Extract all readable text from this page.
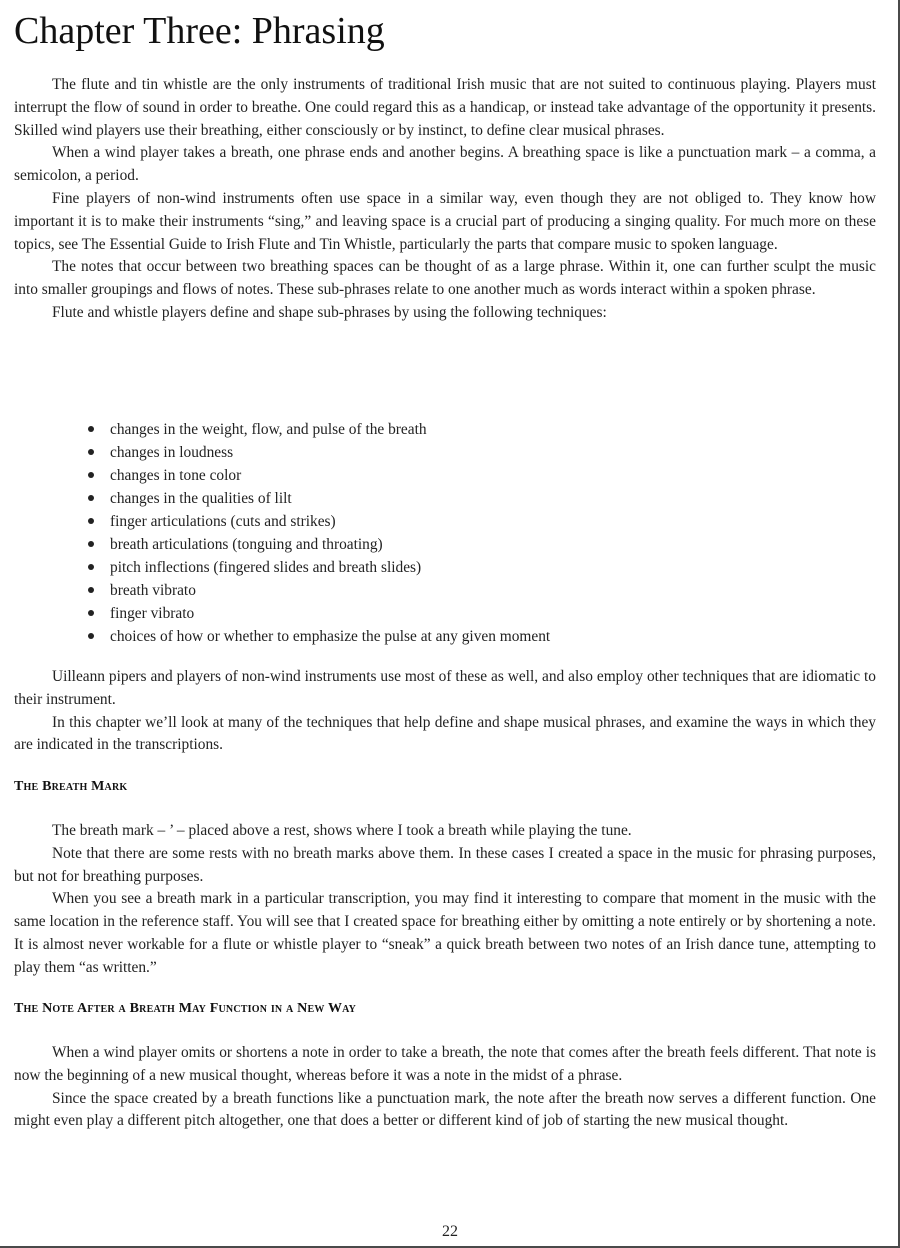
Chapter Three: Phrasing

The flute and tin whistle are the only instruments of traditional Irish music that are not suited to continuous playing. Players must interrupt the flow of sound in order to breathe. One could regard this as a handicap, or instead take advantage of the opportunity it presents. Skilled wind players use their breathing, either consciously or by instinct, to define clear musical phrases.

When a wind player takes a breath, one phrase ends and another begins. A breathing space is like a punctuation mark – a comma, a semicolon, a period.

Fine players of non-wind instruments often use space in a similar way, even though they are not obliged to. They know how important it is to make their instruments “sing,” and leaving space is a crucial part of producing a singing quality. For much more on these topics, see The Essential Guide to Irish Flute and Tin Whistle, particularly the parts that compare music to spoken language.

The notes that occur between two breathing spaces can be thought of as a large phrase. Within it, one can further sculpt the music into smaller groupings and flows of notes. These sub-phrases relate to one another much as words interact within a spoken phrase.

Flute and whistle players define and shape sub-phrases by using the following techniques:

changes in the weight, flow, and pulse of the breath
changes in loudness
changes in tone color
changes in the qualities of lilt
finger articulations (cuts and strikes)
breath articulations (tonguing and throating)
pitch inflections (fingered slides and breath slides)
breath vibrato
finger vibrato
choices of how or whether to emphasize the pulse at any given moment

Uilleann pipers and players of non-wind instruments use most of these as well, and also employ other techniques that are idiomatic to their instrument.

In this chapter we’ll look at many of the techniques that help define and shape musical phrases, and examine the ways in which they are indicated in the transcriptions.

The Breath Mark

The breath mark – ’ – placed above a rest, shows where I took a breath while playing the tune.

Note that there are some rests with no breath marks above them. In these cases I created a space in the music for phrasing purposes, but not for breathing purposes.

When you see a breath mark in a particular transcription, you may find it interesting to compare that moment in the music with the same location in the reference staff. You will see that I created space for breathing either by omitting a note entirely or by shortening a note. It is almost never workable for a flute or whistle player to “sneak” a quick breath between two notes of an Irish dance tune, attempting to play them “as written.”

The Note After a Breath May Function in a New Way

When a wind player omits or shortens a note in order to take a breath, the note that comes after the breath feels different. That note is now the beginning of a new musical thought, whereas before it was a note in the midst of a phrase.

Since the space created by a breath functions like a punctuation mark, the note after the breath now serves a different function. One might even play a different pitch altogether, one that does a better or different kind of job of starting the new musical thought.

22
